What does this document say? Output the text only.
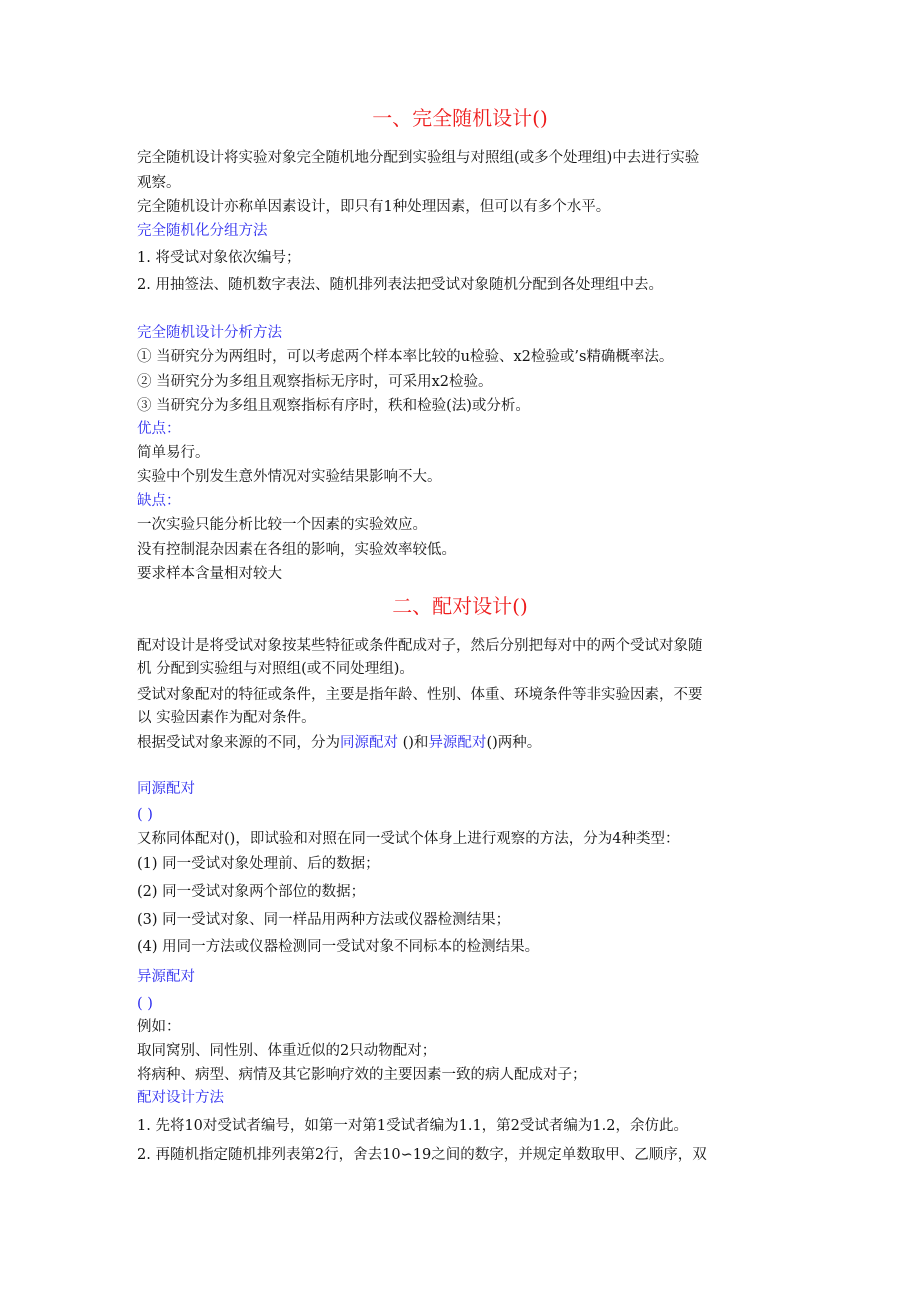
一、完全随机设计()
完全随机设计将实验对象完全随机地分配到实验组与对照组(或多个处理组)中去进行实验
观察。
完全随机设计亦称单因素设计，即只有1种处理因素，但可以有多个水平。
完全随机化分组方法
1. 将受试对象依次编号；
2. 用抽签法、随机数字表法、随机排列表法把受试对象随机分配到各处理组中去。
完全随机设计分析方法
① 当研究分为两组时，可以考虑两个样本率比较的u检验、x2检验或’s精确概率法。
② 当研究分为多组且观察指标无序时，可采用x2检验。
③ 当研究分为多组且观察指标有序时，秩和检验(法)或分析。
优点：
简单易行。
实验中个别发生意外情况对实验结果影响不大。
缺点：
一次实验只能分析比较一个因素的实验效应。
没有控制混杂因素在各组的影响，实验效率较低。
要求样本含量相对较大
二、配对设计()
配对设计是将受试对象按某些特征或条件配成对子，然后分别把每对中的两个受试对象随
机 分配到实验组与对照组(或不同处理组)。
受试对象配对的特征或条件，主要是指年龄、性别、体重、环境条件等非实验因素，不要
以 实验因素作为配对条件。
根据受试对象来源的不同，分为同源配对 ()和异源配对()两种。
同源配对
( )
又称同体配对()，即试验和对照在同一受试个体身上进行观察的方法，分为4种类型：
(1) 同一受试对象处理前、后的数据；
(2) 同一受试对象两个部位的数据；
(3) 同一受试对象、同一样品用两种方法或仪器检测结果；
(4) 用同一方法或仪器检测同一受试对象不同标本的检测结果。
异源配对
( )
例如：
取同窝别、同性别、体重近似的2只动物配对；
将病种、病型、病情及其它影响疗效的主要因素一致的病人配成对子；
配对设计方法
1. 先将10对受试者编号，如第一对第1受试者编为1.1，第2受试者编为1.2，余仿此。
2. 再随机指定随机排列表第2行，舍去10∽19之间的数字，并规定单数取甲、乙顺序，双
